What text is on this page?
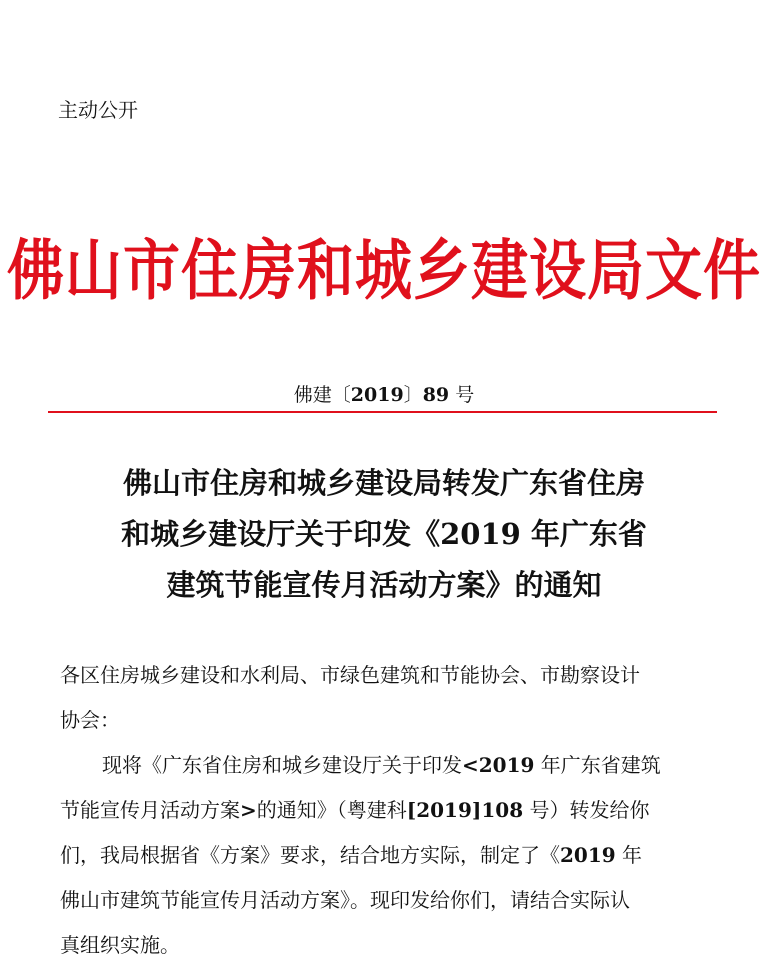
主动公开
佛山市住房和城乡建设局文件
佛建〔2019〕89 号
佛山市住房和城乡建设局转发广东省住房
和城乡建设厅关于印发《2019 年广东省
建筑节能宣传月活动方案》的通知
各区住房城乡建设和水利局、市绿色建筑和节能协会、市勘察设计
协会：
现将《广东省住房和城乡建设厅关于印发<2019 年广东省建筑
节能宣传月活动方案>的通知》（粤建科[2019]108 号）转发给你
们，我局根据省《方案》要求，结合地方实际，制定了《2019 年
佛山市建筑节能宣传月活动方案》。现印发给你们，请结合实际认
真组织实施。
